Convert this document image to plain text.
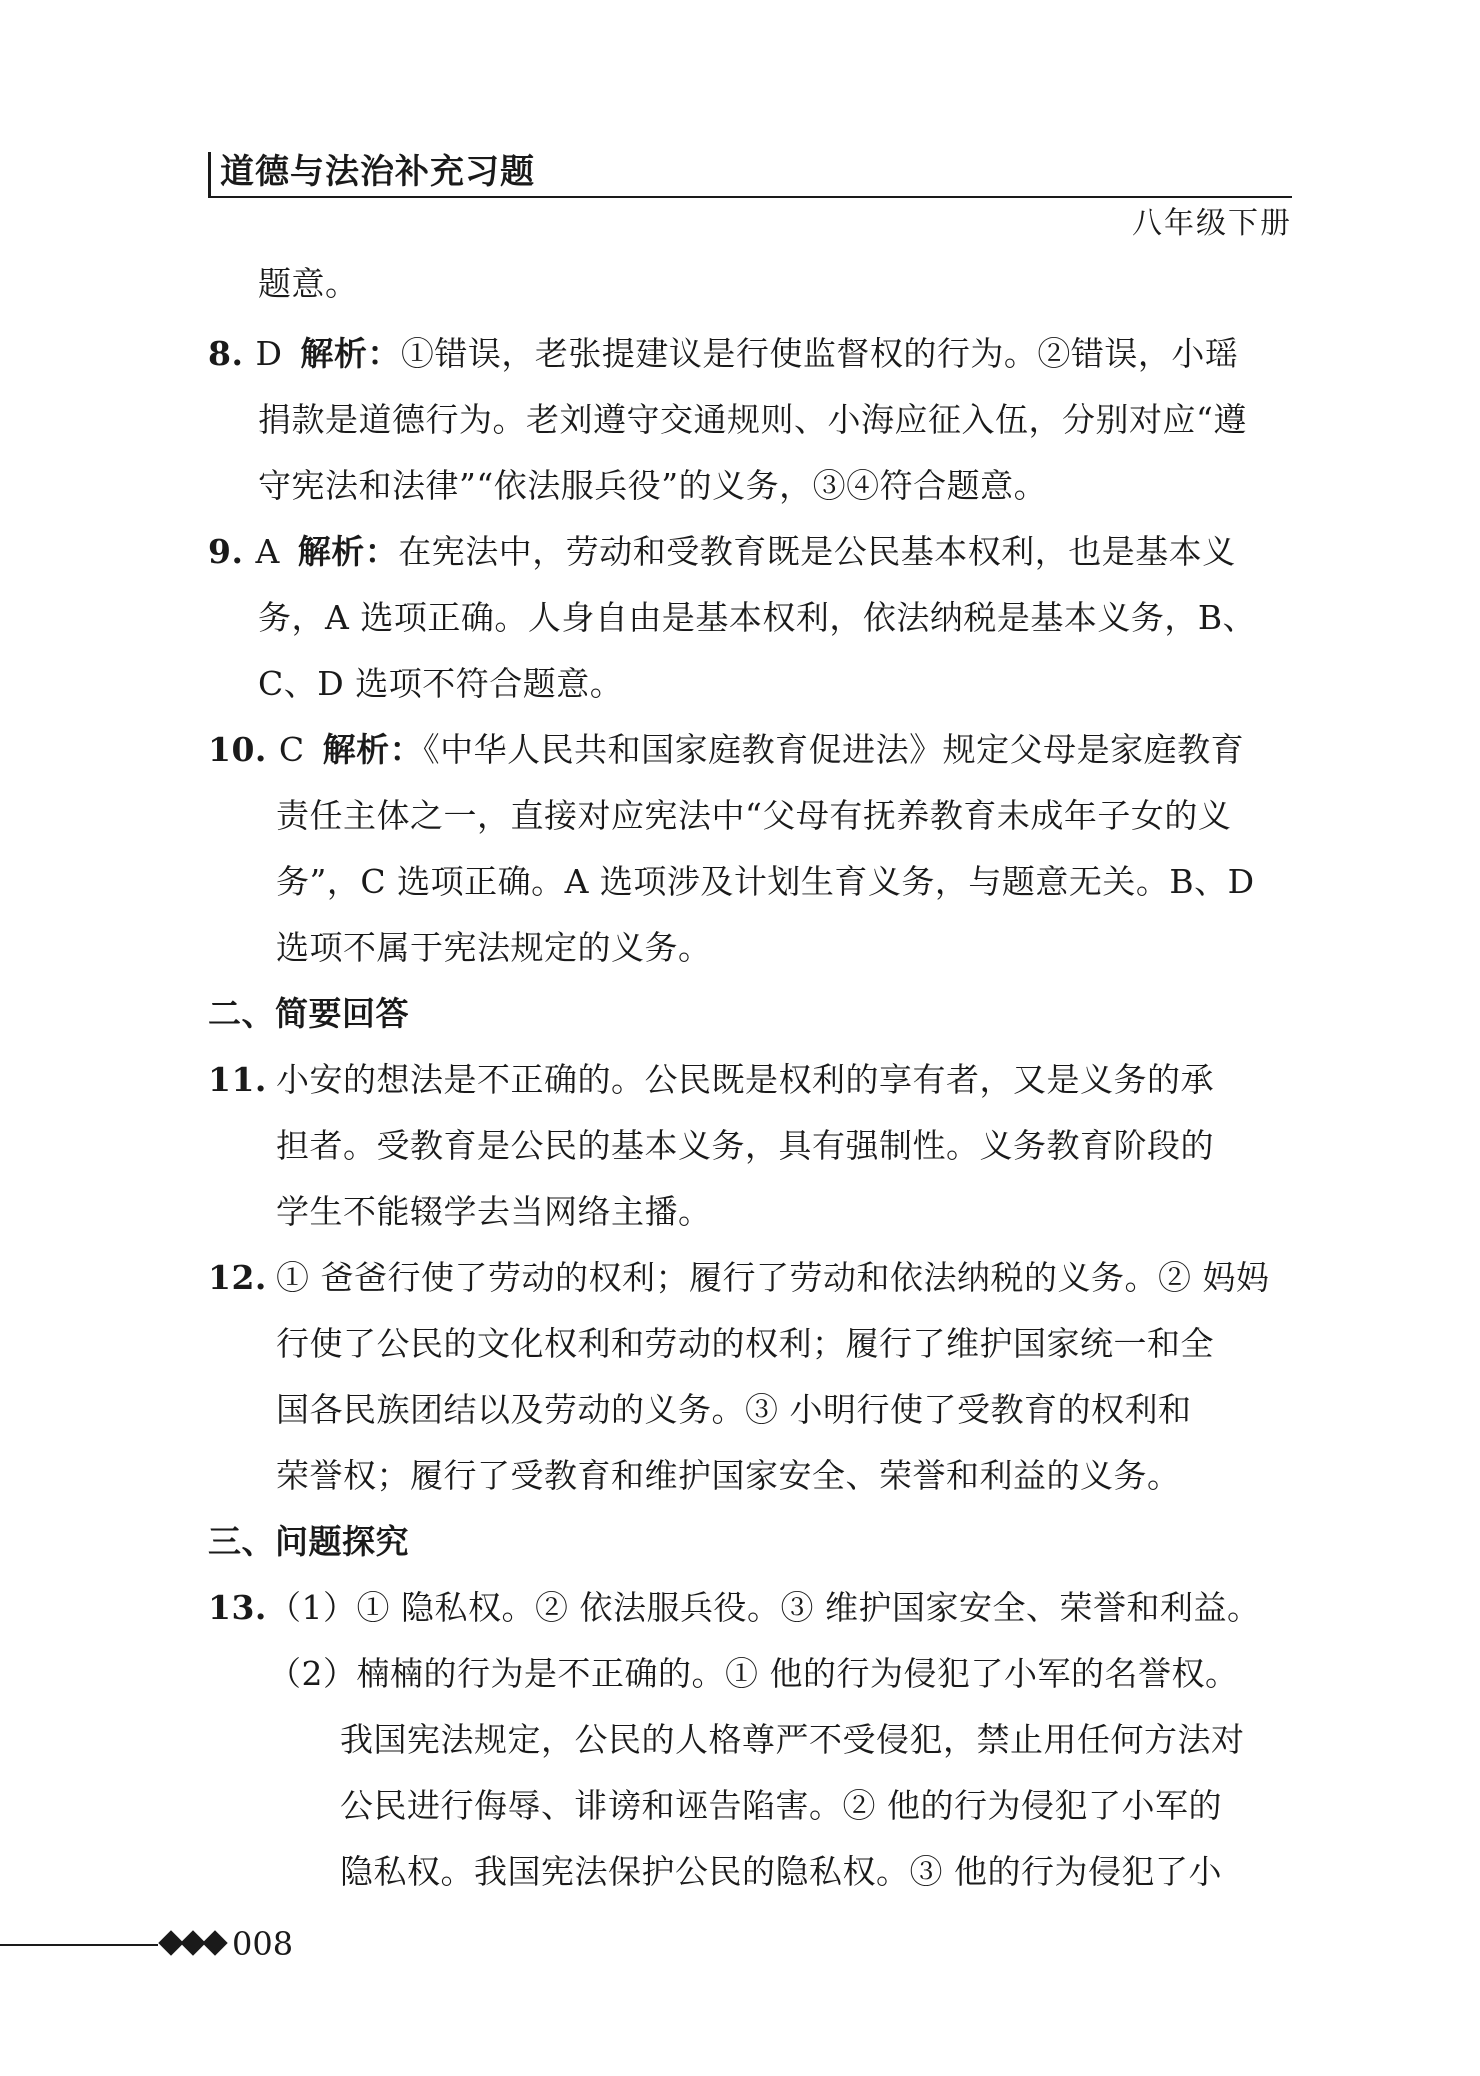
道德与法治补充习题
八年级下册
题意。
8. D 解析：①错误，老张提建议是行使监督权的行为。②错误，小瑶
捐款是道德行为。老刘遵守交通规则、小海应征入伍，分别对应“遵
守宪法和法律”“依法服兵役”的义务，③④符合题意。
9. A 解析：在宪法中，劳动和受教育既是公民基本权利，也是基本义
务，A 选项正确。人身自由是基本权利，依法纳税是基本义务，B、
C、D 选项不符合题意。
10. C 解析：《中华人民共和国家庭教育促进法》规定父母是家庭教育
责任主体之一，直接对应宪法中“父母有抚养教育未成年子女的义
务”，C 选项正确。A 选项涉及计划生育义务，与题意无关。B、D
选项不属于宪法规定的义务。
二、简要回答
11. 小安的想法是不正确的。公民既是权利的享有者，又是义务的承
担者。受教育是公民的基本义务，具有强制性。义务教育阶段的
学生不能辍学去当网络主播。
12. ① 爸爸行使了劳动的权利；履行了劳动和依法纳税的义务。② 妈妈
行使了公民的文化权利和劳动的权利；履行了维护国家统一和全
国各民族团结以及劳动的义务。③ 小明行使了受教育的权利和
荣誉权；履行了受教育和维护国家安全、荣誉和利益的义务。
三、问题探究
13.（1）① 隐私权。② 依法服兵役。③ 维护国家安全、荣誉和利益。
（2）楠楠的行为是不正确的。① 他的行为侵犯了小军的名誉权。
我国宪法规定，公民的人格尊严不受侵犯，禁止用任何方法对
公民进行侮辱、诽谤和诬告陷害。② 他的行为侵犯了小军的
隐私权。我国宪法保护公民的隐私权。③ 他的行为侵犯了小
008
